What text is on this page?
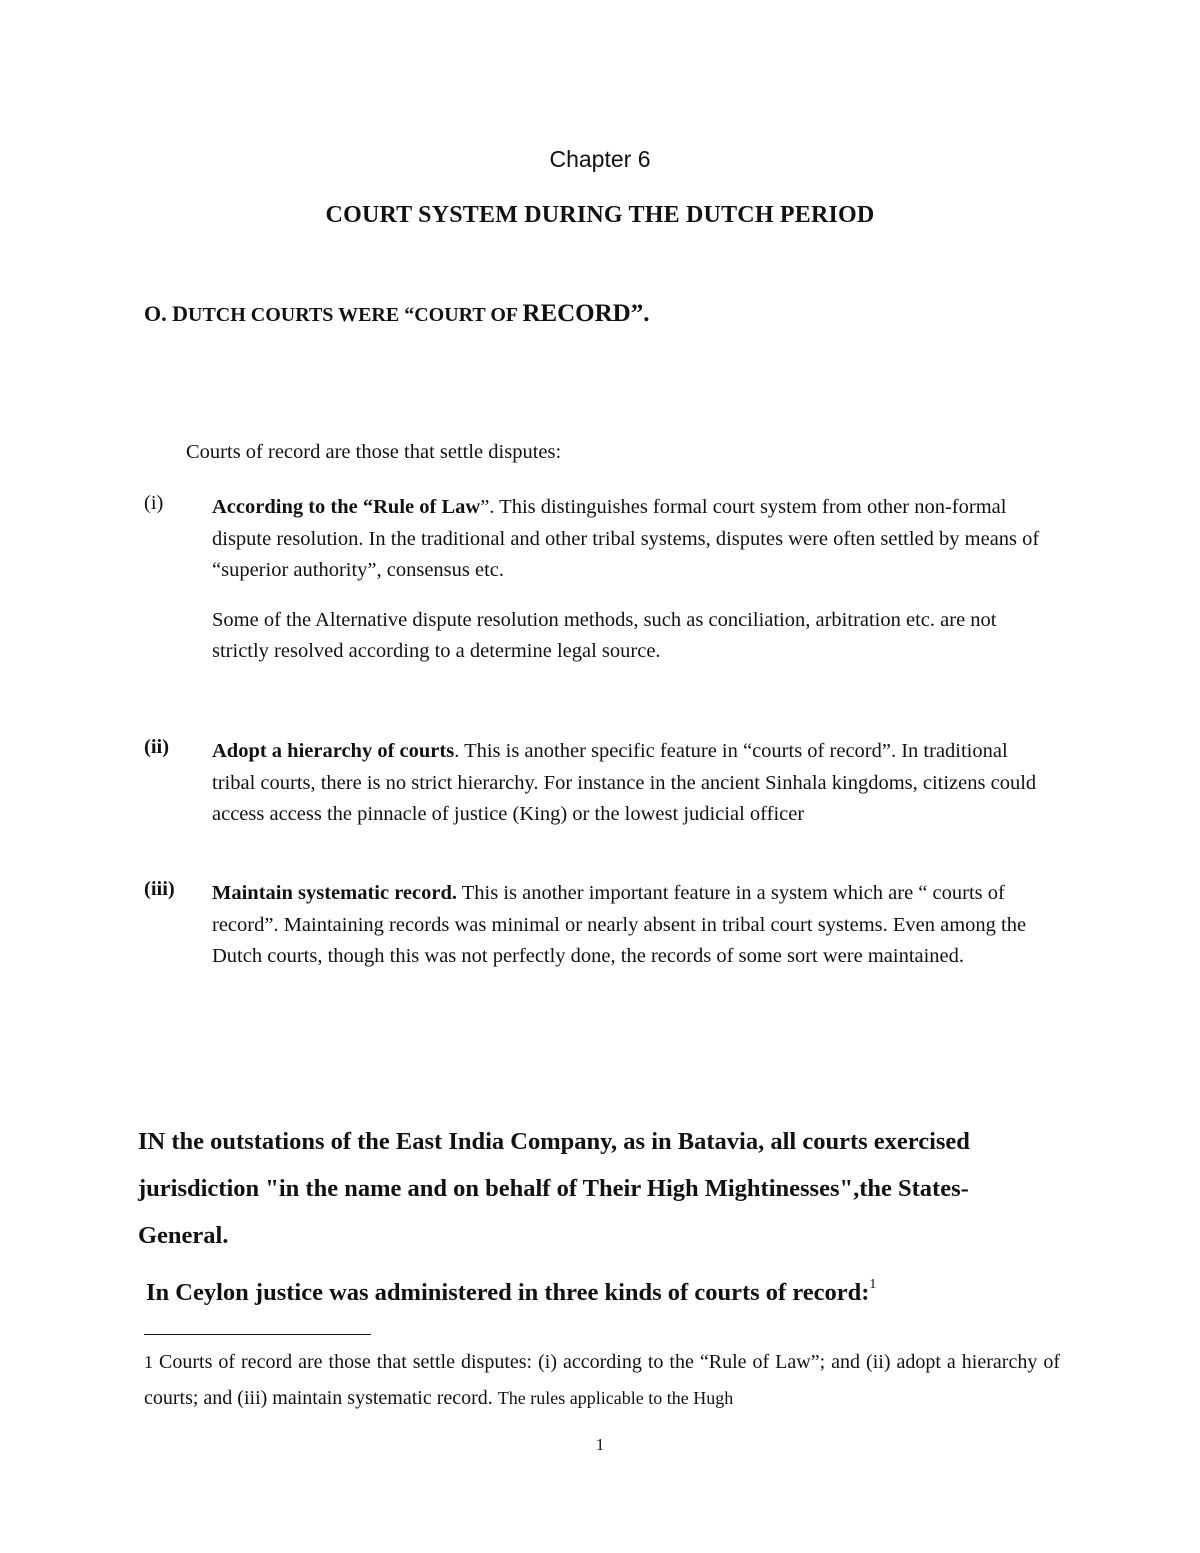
Chapter 6
COURT SYSTEM DURING THE DUTCH PERIOD
O. DUTCH COURTS WERE “COURT OF RECORD”.
Courts of record are those that settle disputes:
(i) According to the “Rule of Law”. This distinguishes formal court system from other non-formal dispute resolution. In the traditional and other tribal systems, disputes were often settled by means of “superior authority”, consensus etc.

Some of the Alternative dispute resolution methods, such as conciliation, arbitration etc. are not strictly resolved according to a determine legal source.

(ii) Adopt a hierarchy of courts. This is another specific feature in “courts of record”. In traditional tribal courts, there is no strict hierarchy. For instance in the ancient Sinhala kingdoms, citizens could access access the pinnacle of justice (King) or the lowest judicial officer

(iii) Maintain systematic record. This is another important feature in a system which are “ courts of record”. Maintaining records was minimal or nearly absent in tribal court systems. Even among the Dutch courts, though this was not perfectly done, the records of some sort were maintained.

IN the outstations of the East India Company, as in Batavia, all courts exercised jurisdiction "in the name and on behalf of Their High Mightinesses",the States-General.
In Ceylon justice was administered in three kinds of courts of record:$^1$
1 Courts of record are those that settle disputes: (i) according to the “Rule of Law”; and (ii) adopt a hierarchy of courts; and (iii) maintain systematic record. The rules applicable to the Hugh
1
